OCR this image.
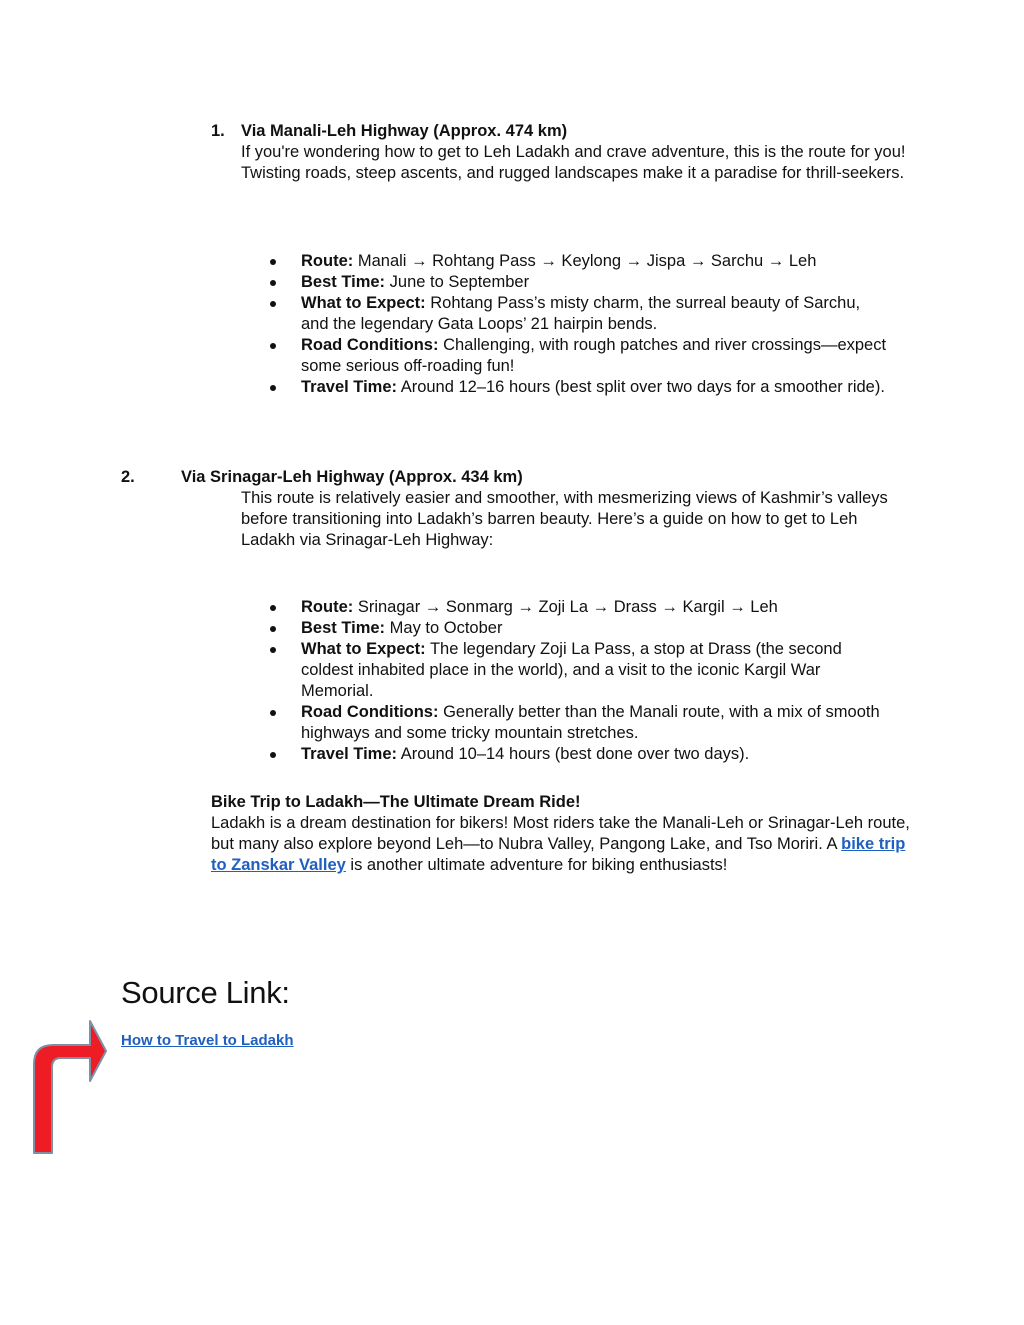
1. Via Manali-Leh Highway (Approx. 474 km)
If you're wondering how to get to Leh Ladakh and crave adventure, this is the route for you! Twisting roads, steep ascents, and rugged landscapes make it a paradise for thrill-seekers.
Route: Manali → Rohtang Pass → Keylong → Jispa → Sarchu → Leh
Best Time: June to September
What to Expect: Rohtang Pass’s misty charm, the surreal beauty of Sarchu, and the legendary Gata Loops’ 21 hairpin bends.
Road Conditions: Challenging, with rough patches and river crossings—expect some serious off-roading fun!
Travel Time: Around 12–16 hours (best split over two days for a smoother ride).
2.	Via Srinagar-Leh Highway (Approx. 434 km)
This route is relatively easier and smoother, with mesmerizing views of Kashmir’s valleys before transitioning into Ladakh’s barren beauty. Here’s a guide on how to get to Leh Ladakh via Srinagar-Leh Highway:
Route: Srinagar → Sonmarg → Zoji La → Drass → Kargil → Leh
Best Time: May to October
What to Expect: The legendary Zoji La Pass, a stop at Drass (the second coldest inhabited place in the world), and a visit to the iconic Kargil War Memorial.
Road Conditions: Generally better than the Manali route, with a mix of smooth highways and some tricky mountain stretches.
Travel Time: Around 10–14 hours (best done over two days).
Bike Trip to Ladakh—The Ultimate Dream Ride!
Ladakh is a dream destination for bikers! Most riders take the Manali-Leh or Srinagar-Leh route, but many also explore beyond Leh—to Nubra Valley, Pangong Lake, and Tso Moriri. A bike trip to Zanskar Valley is another ultimate adventure for biking enthusiasts!
Source Link:
How to Travel to Ladakh
